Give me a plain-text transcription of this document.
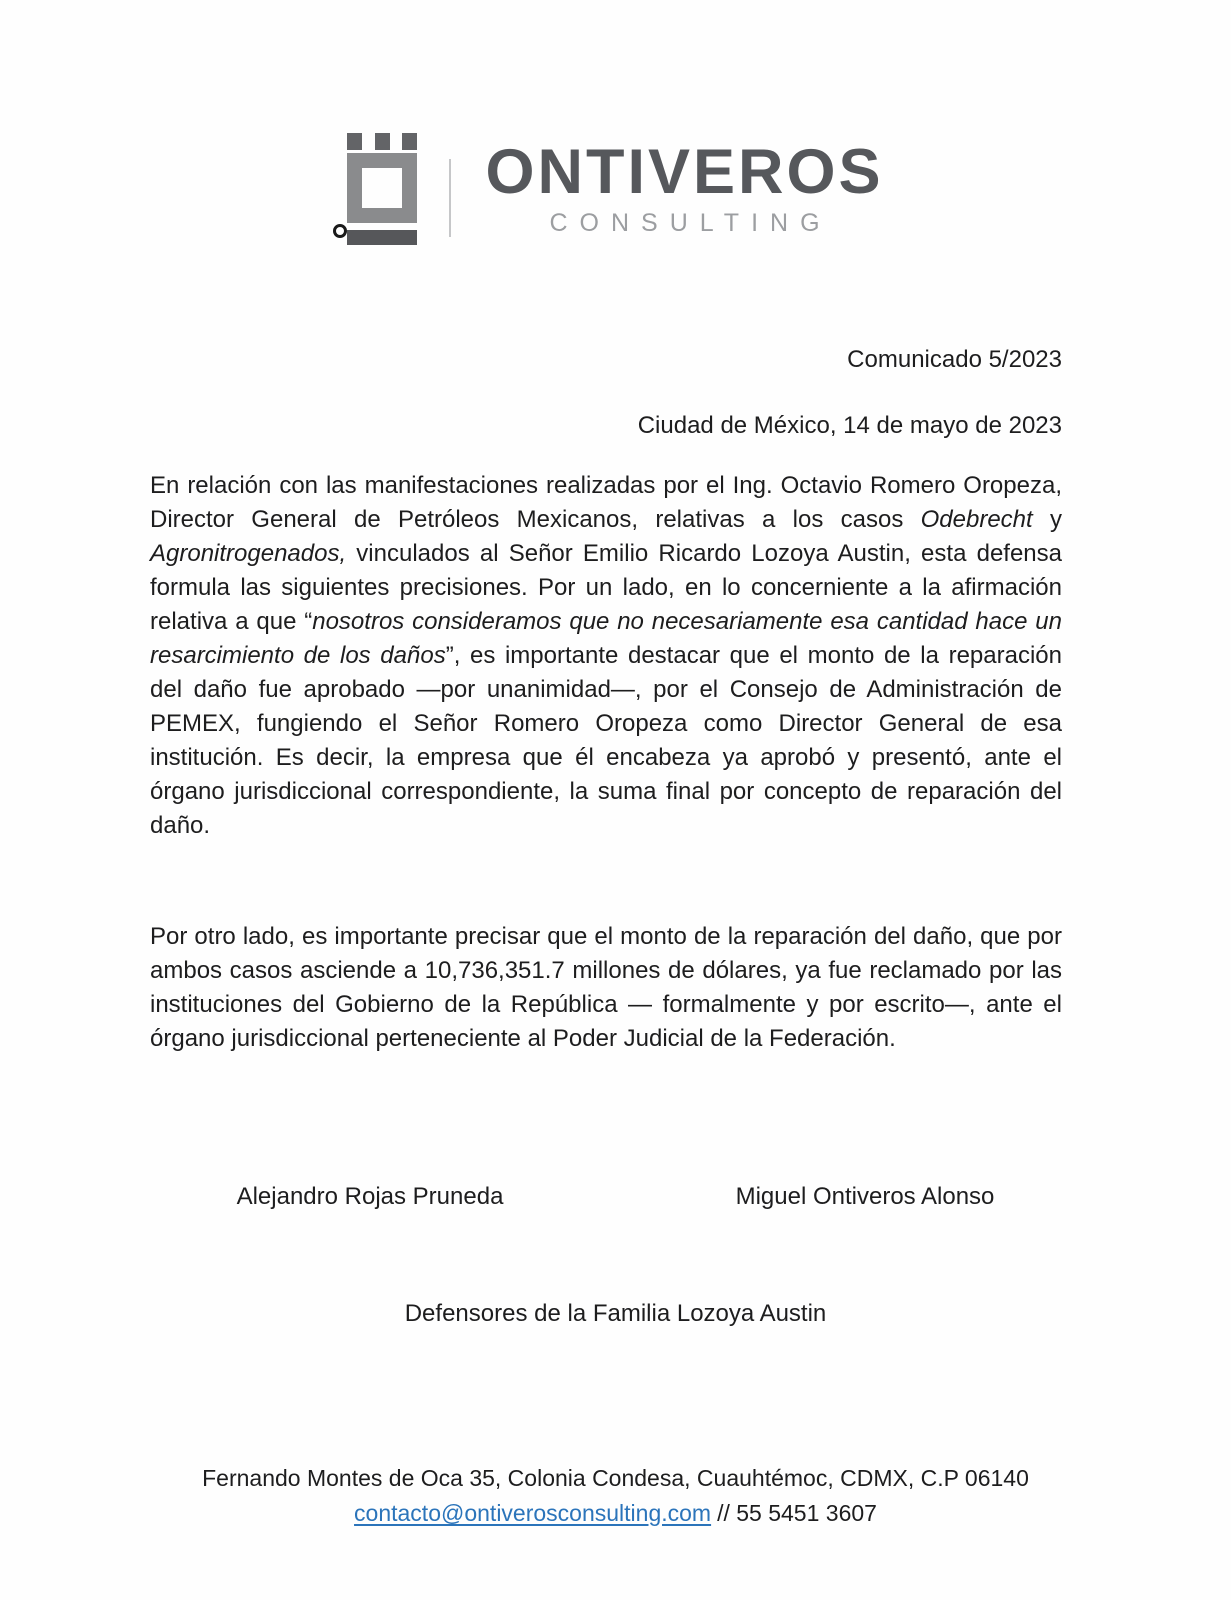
ONTIVEROS
CONSULTING

Comunicado 5/2023

Ciudad de México, 14 de mayo de 2023

En relación con las manifestaciones realizadas por el Ing. Octavio Romero Oropeza, Director General de Petróleos Mexicanos, relativas a los casos Odebrecht y Agronitrogenados, vinculados al Señor Emilio Ricardo Lozoya Austin, esta defensa formula las siguientes precisiones. Por un lado, en lo concerniente a la afirmación relativa a que “nosotros consideramos que no necesariamente esa cantidad hace un resarcimiento de los daños”, es importante destacar que el monto de la reparación del daño fue aprobado —por unanimidad—, por el Consejo de Administración de PEMEX, fungiendo el Señor Romero Oropeza como Director General de esa institución. Es decir, la empresa que él encabeza ya aprobó y presentó, ante el órgano jurisdiccional correspondiente, la suma final por concepto de reparación del daño.

Por otro lado, es importante precisar que el monto de la reparación del daño, que por ambos casos asciende a 10,736,351.7 millones de dólares, ya fue reclamado por las instituciones del Gobierno de la República — formalmente y por escrito—, ante el órgano jurisdiccional perteneciente al Poder Judicial de la Federación.

Alejandro Rojas Pruneda	Miguel Ontiveros Alonso

Defensores de la Familia Lozoya Austin

Fernando Montes de Oca 35, Colonia Condesa, Cuauhtémoc, CDMX, C.P 06140

contacto@ontiverosconsulting.com // 55 5451 3607
